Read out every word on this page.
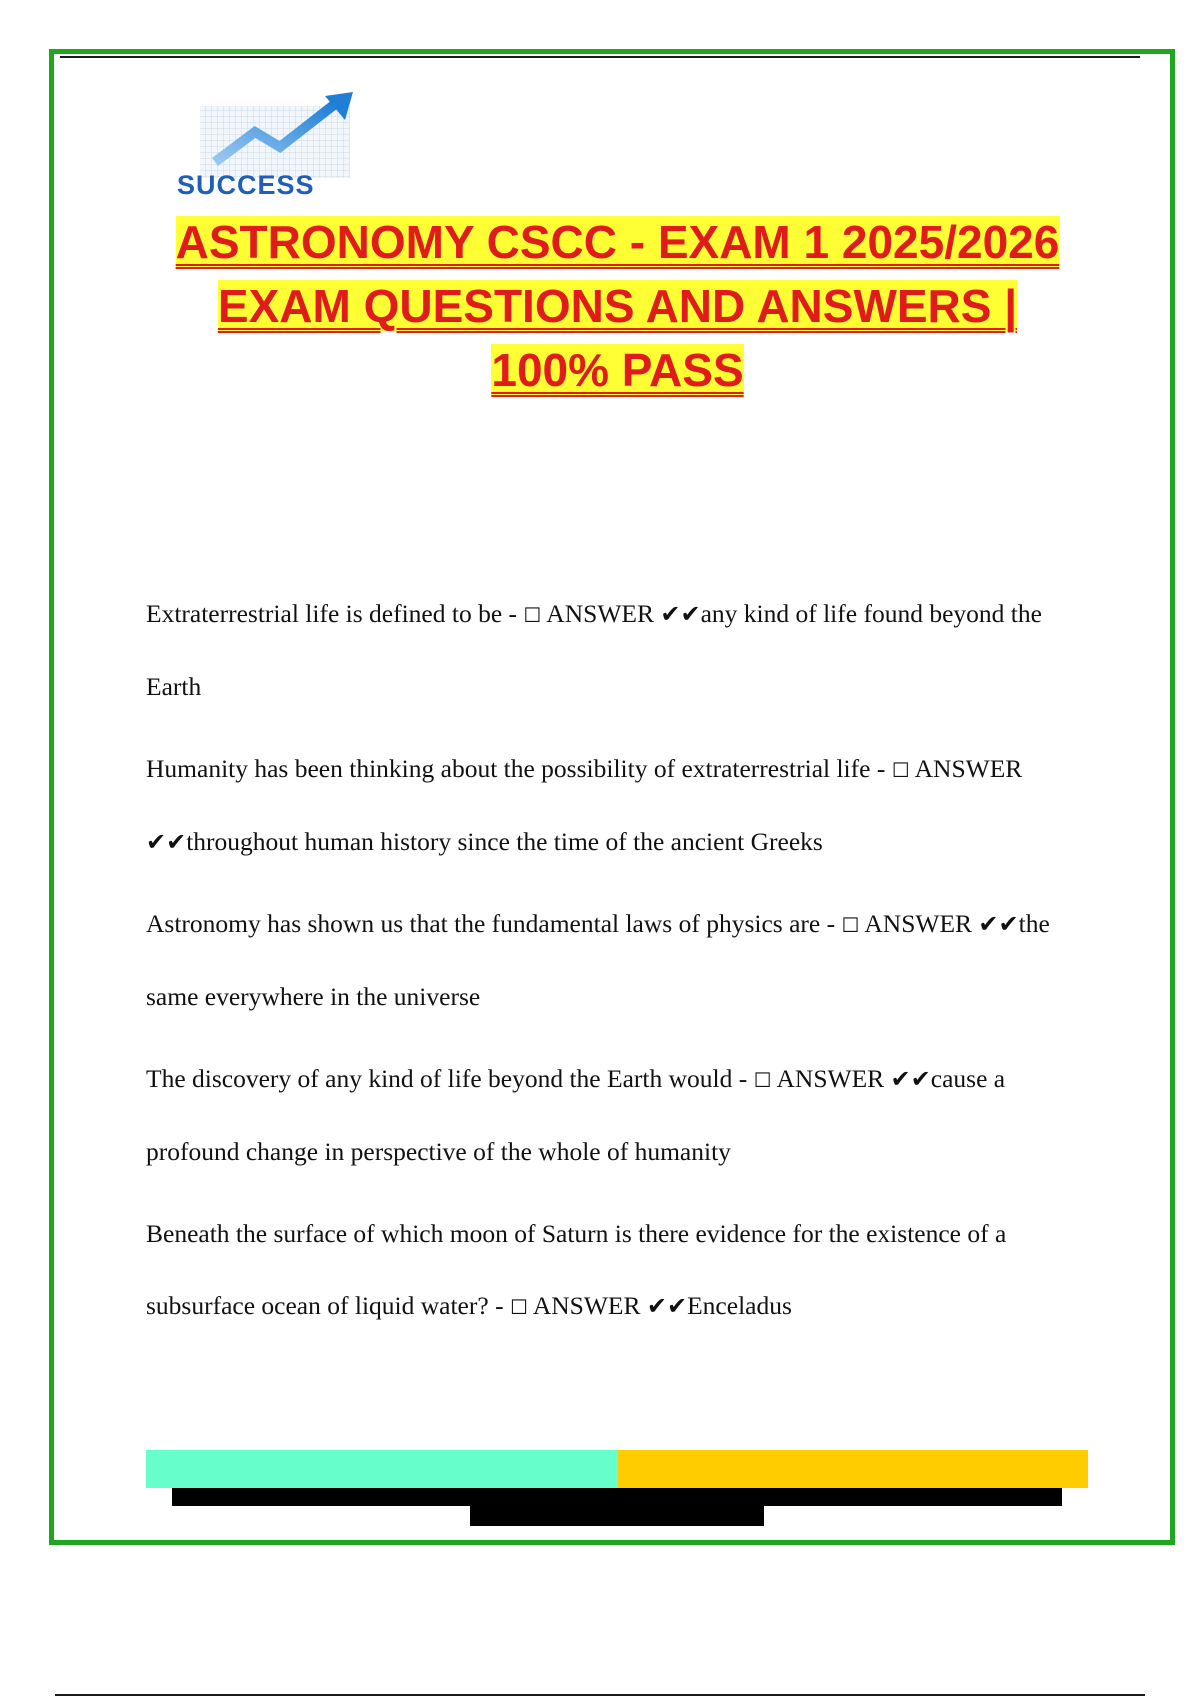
SUCCESS
ASTRONOMY CSCC - EXAM 1 2025/2026
EXAM QUESTIONS AND ANSWERS |
100% PASS

Extraterrestrial life is defined to be - ☐ ANSWER ✔✔any kind of life found beyond the Earth

Humanity has been thinking about the possibility of extraterrestrial life - ☐ ANSWER ✔✔throughout human history since the time of the ancient Greeks

Astronomy has shown us that the fundamental laws of physics are - ☐ ANSWER ✔✔the same everywhere in the universe

The discovery of any kind of life beyond the Earth would - ☐ ANSWER ✔✔cause a profound change in perspective of the whole of humanity

Beneath the surface of which moon of Saturn is there evidence for the existence of a subsurface ocean of liquid water? - ☐ ANSWER ✔✔Enceladus
